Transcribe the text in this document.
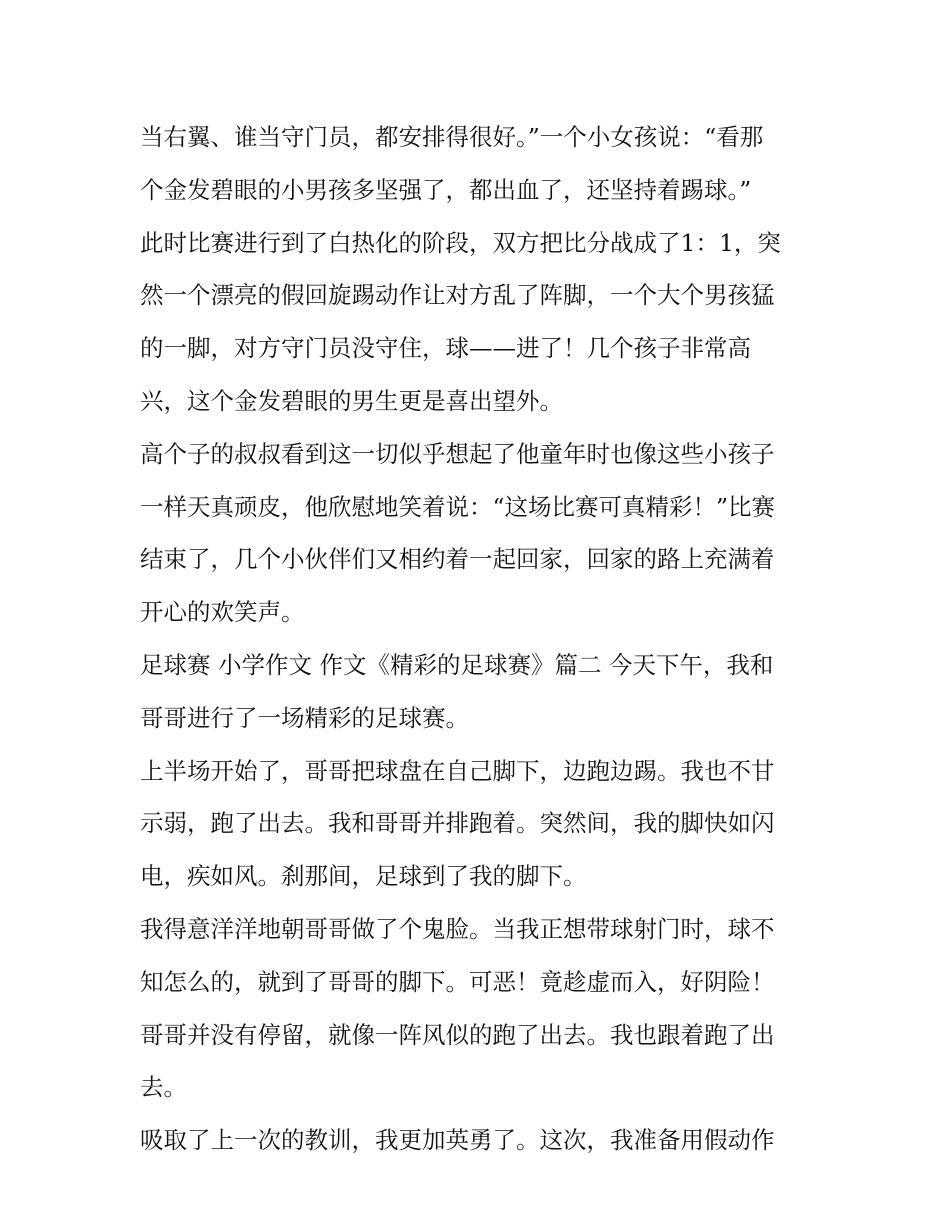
当右翼、谁当守门员，都安排得很好。”一个小女孩说：“看那
个金发碧眼的小男孩多坚强了，都出血了，还坚持着踢球。”
此时比赛进行到了白热化的阶段，双方把比分战成了1：1，突
然一个漂亮的假回旋踢动作让对方乱了阵脚，一个大个男孩猛
的一脚，对方守门员没守住，球——进了！几个孩子非常高
兴，这个金发碧眼的男生更是喜出望外。
高个子的叔叔看到这一切似乎想起了他童年时也像这些小孩子
一样天真顽皮，他欣慰地笑着说：“这场比赛可真精彩！”比赛
结束了，几个小伙伴们又相约着一起回家，回家的路上充满着
开心的欢笑声。
足球赛 小学作文 作文《精彩的足球赛》篇二 今天下午，我和
哥哥进行了一场精彩的足球赛。
上半场开始了，哥哥把球盘在自己脚下，边跑边踢。我也不甘
示弱，跑了出去。我和哥哥并排跑着。突然间，我的脚快如闪
电，疾如风。刹那间，足球到了我的脚下。
我得意洋洋地朝哥哥做了个鬼脸。当我正想带球射门时，球不
知怎么的，就到了哥哥的脚下。可恶！竟趁虚而入，好阴险！
哥哥并没有停留，就像一阵风似的跑了出去。我也跟着跑了出
去。
吸取了上一次的教训，我更加英勇了。这次，我准备用假动作
